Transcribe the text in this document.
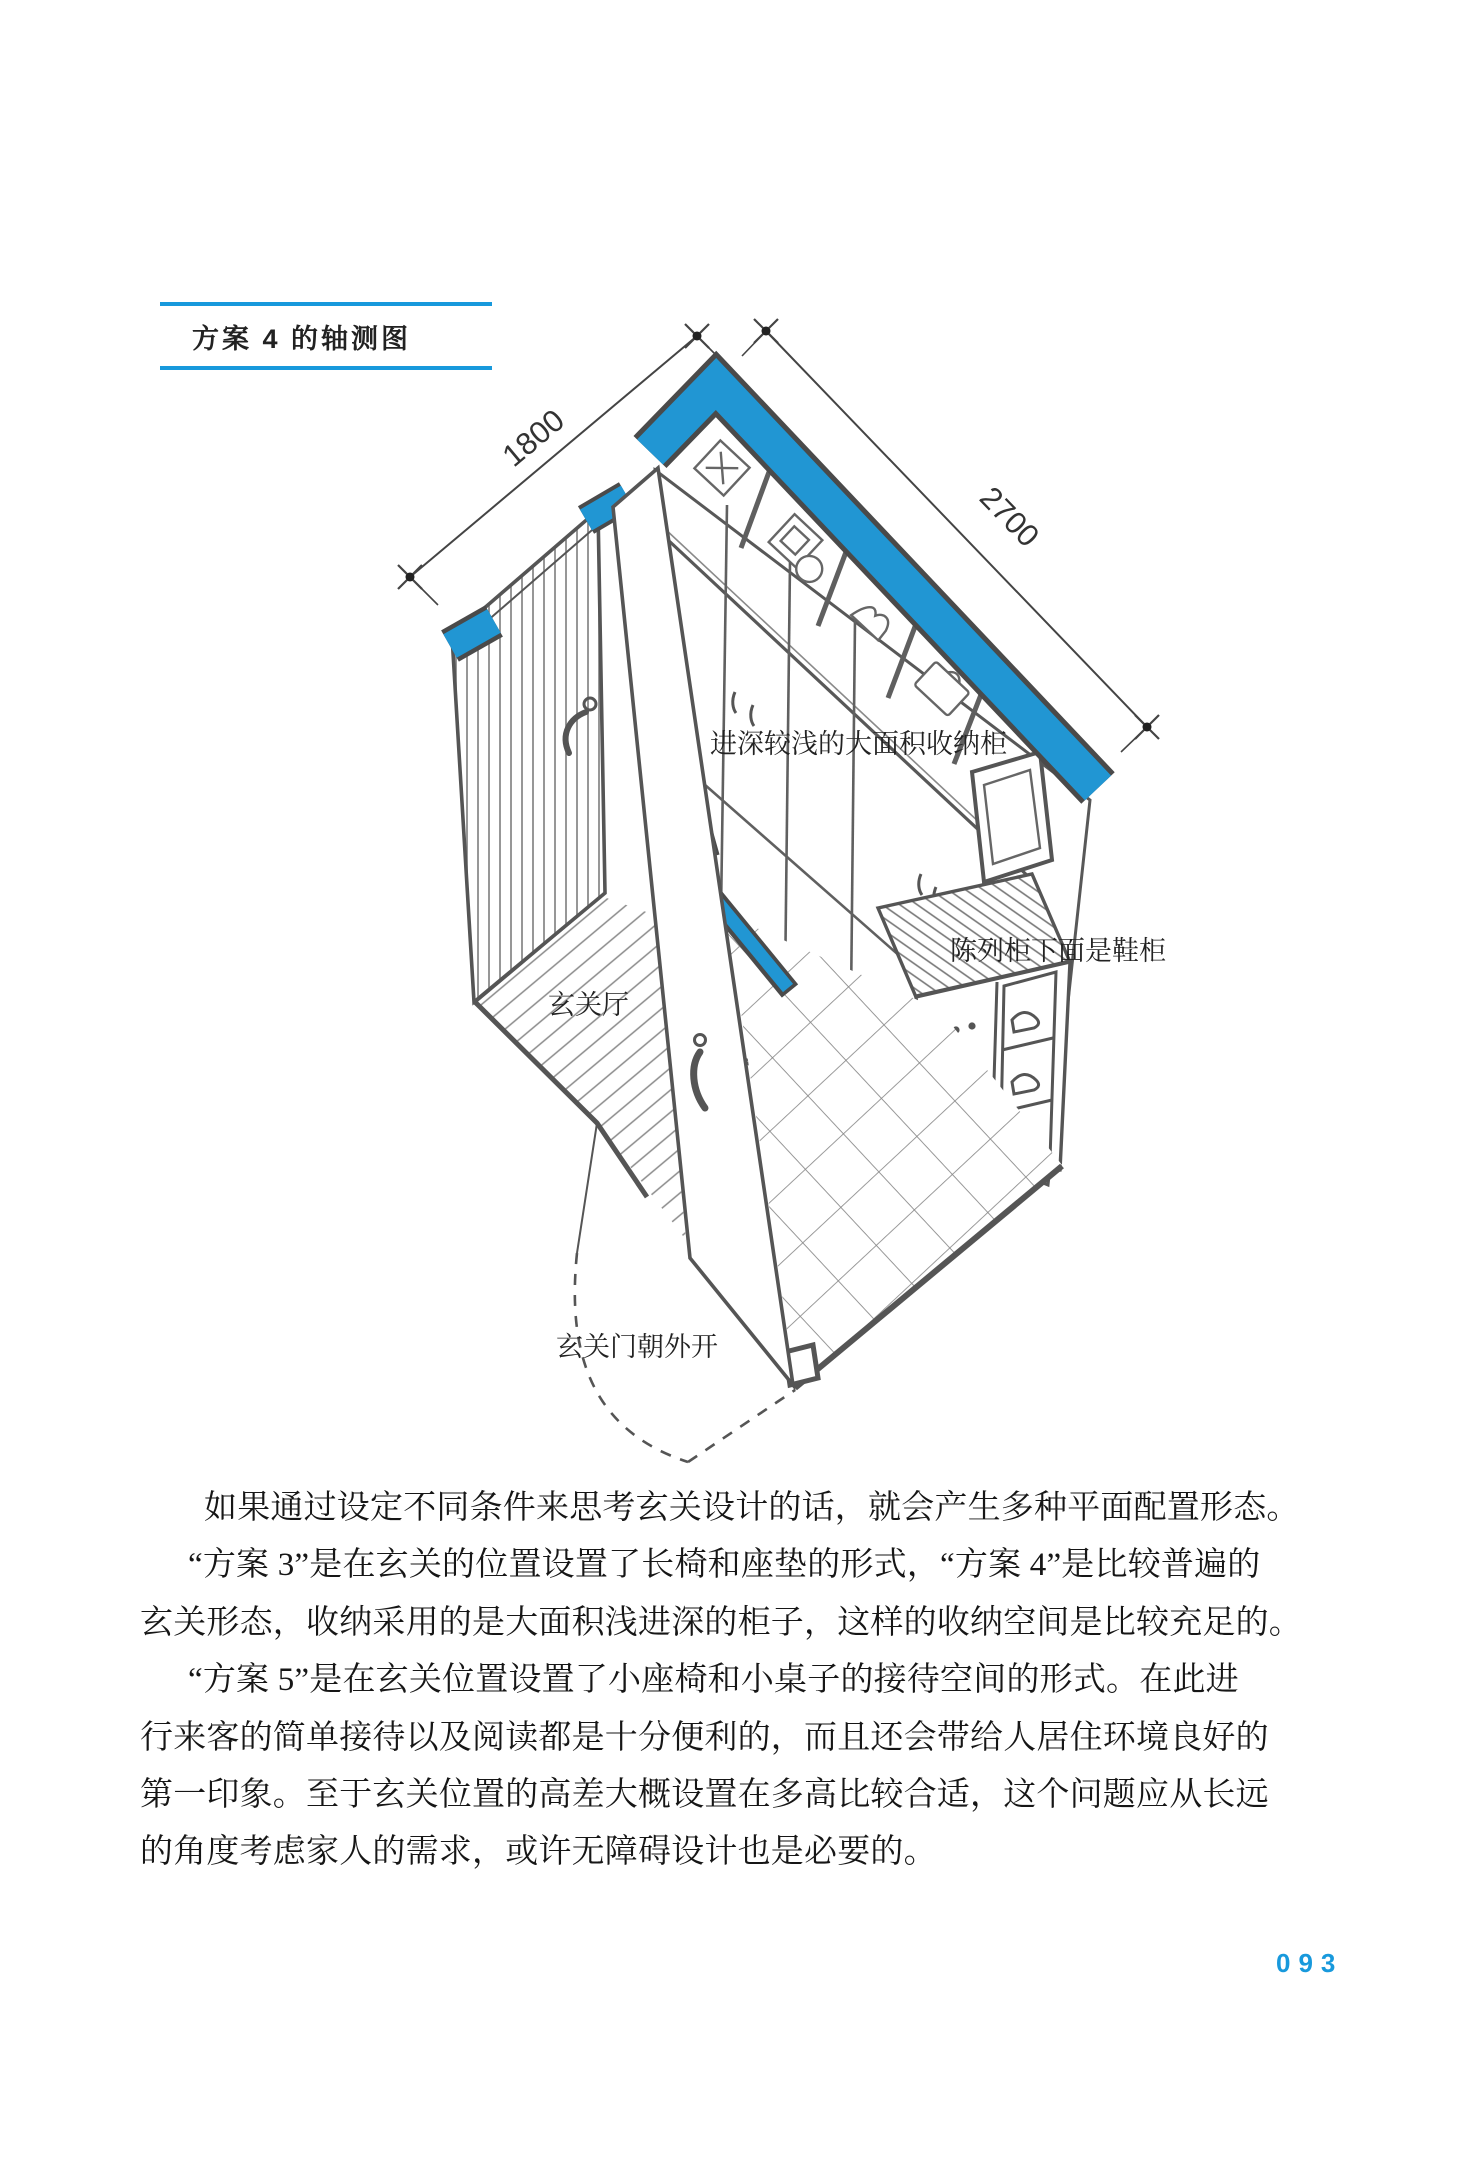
方案 4 的轴测图
1800
2700
进深较浅的大面积收纳柜
玄关厅
陈列柜下面是鞋柜
玄关门朝外开
如果通过设定不同条件来思考玄关设计的话，就会产生多种平面配置形态。
“方案 3”是在玄关的位置设置了长椅和座垫的形式，“方案 4”是比较普遍的
玄关形态，收纳采用的是大面积浅进深的柜子，这样的收纳空间是比较充足的。
“方案 5”是在玄关位置设置了小座椅和小桌子的接待空间的形式。在此进
行来客的简单接待以及阅读都是十分便利的，而且还会带给人居住环境良好的
第一印象。至于玄关位置的高差大概设置在多高比较合适，这个问题应从长远
的角度考虑家人的需求，或许无障碍设计也是必要的。
093
